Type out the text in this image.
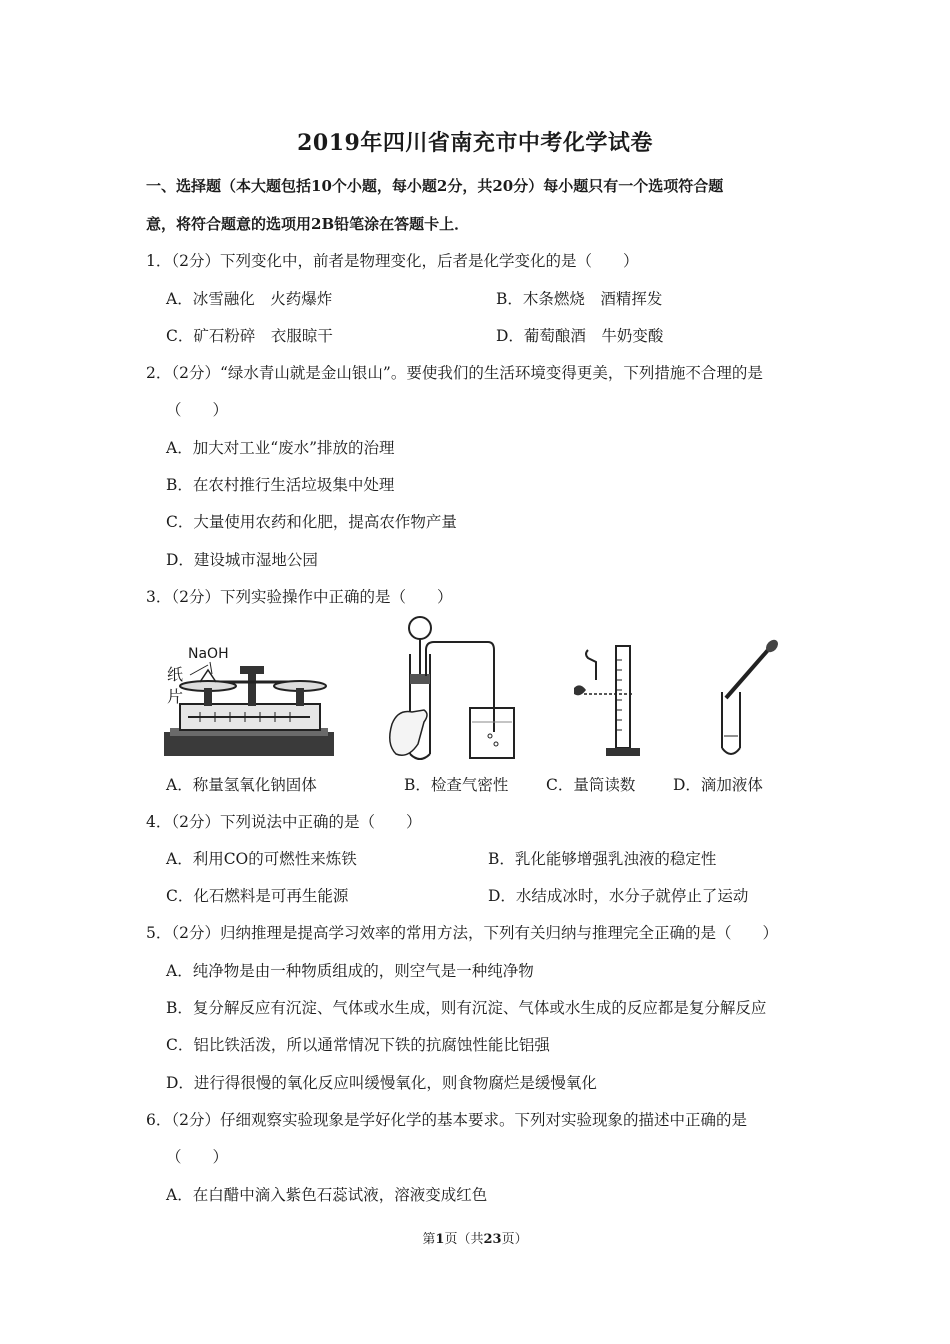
2019年四川省南充市中考化学试卷
一、选择题（本大题包括10个小题，每小题2分，共20分）每小题只有一个选项符合题
意，将符合题意的选项用2B铅笔涂在答题卡上．
1．（2分）下列变化中，前者是物理变化，后者是化学变化的是（　　）
A．冰雪融化　火药爆炸	B．木条燃烧　酒精挥发
C．矿石粉碎　衣服晾干	D．葡萄酿酒　牛奶变酸
2．（2分）“绿水青山就是金山银山”。要使我们的生活环境变得更美，下列措施不合理的是
（　　）
A．加大对工业“废水”排放的治理
B．在农村推行生活垃圾集中处理
C．大量使用农药和化肥，提高农作物产量
D．建设城市湿地公园
3．（2分）下列实验操作中正确的是（　　）
NaOH
纸
片
A．称量氢氧化钠固体	B．检查气密性 C．量筒读数 D．滴加液体
4．（2分）下列说法中正确的是（　　）
A．利用CO的可燃性来炼铁	B．乳化能够增强乳浊液的稳定性
C．化石燃料是可再生能源	D．水结成冰时，水分子就停止了运动
5．（2分）归纳推理是提高学习效率的常用方法，下列有关归纳与推理完全正确的是（　　）
A．纯净物是由一种物质组成的，则空气是一种纯净物
B．复分解反应有沉淀、气体或水生成，则有沉淀、气体或水生成的反应都是复分解反应
C．铝比铁活泼，所以通常情况下铁的抗腐蚀性能比铝强
D．进行得很慢的氧化反应叫缓慢氧化，则食物腐烂是缓慢氧化
6．（2分）仔细观察实验现象是学好化学的基本要求。下列对实验现象的描述中正确的是
（　　）
A．在白醋中滴入紫色石蕊试液，溶液变成红色
第1页（共23页）
